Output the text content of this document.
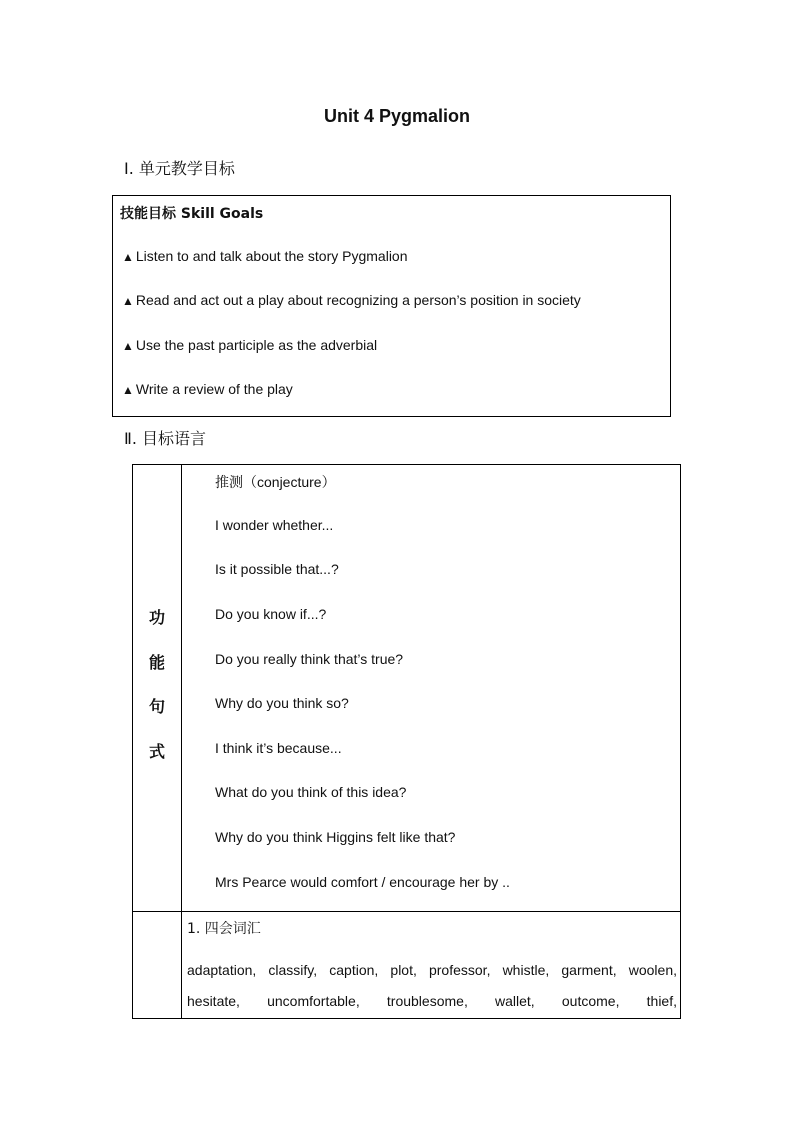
Unit 4 Pygmalion
Ⅰ. 单元教学目标
技能目标 Skill Goals
▲ Listen to and talk about the story Pygmalion
▲ Read and act out a play about recognizing a person’s position in society
▲ Use the past participle as the adverbial
▲ Write a review of the play
Ⅱ. 目标语言
功
能
句
式
推测（conjecture）
I wonder whether...
Is it possible that...?
Do you know if...?
Do you really think that’s true?
Why do you think so?
I think it’s because...
What do you think of this idea?
Why do you think Higgins felt like that?
Mrs Pearce would comfort / encourage her by ..
1. 四会词汇
adaptation, classify, caption, plot, professor, whistle, garment, woolen,
hesitate, uncomfortable, troublesome, wallet, outcome, thief,
